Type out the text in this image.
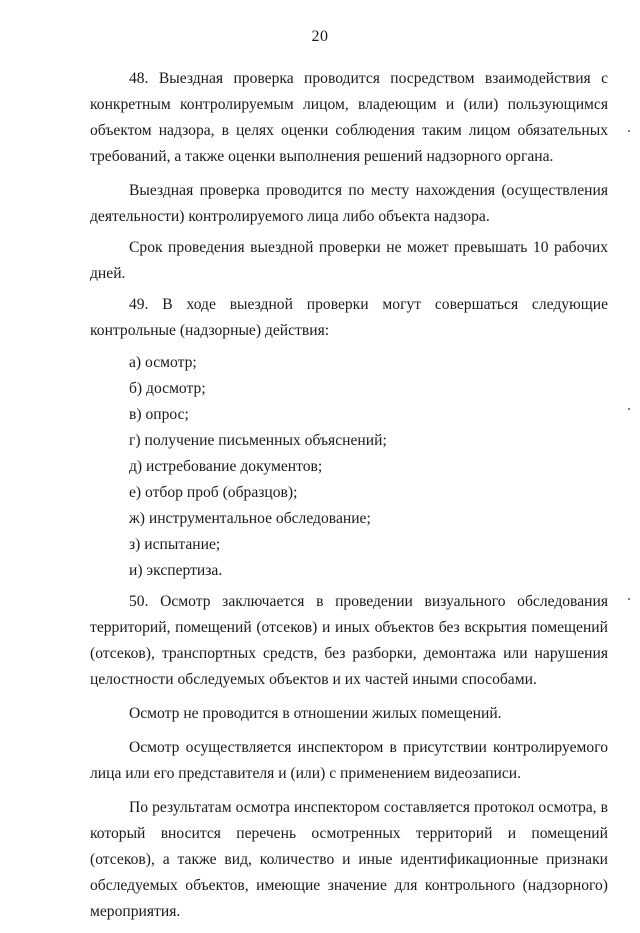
20

48. Выездная проверка проводится посредством взаимодействия с конкретным контролируемым лицом, владеющим и (или) пользующимся объектом надзора, в целях оценки соблюдения таким лицом обязательных требований, а также оценки выполнения решений надзорного органа.

Выездная проверка проводится по месту нахождения (осуществления деятельности) контролируемого лица либо объекта надзора.

Срок проведения выездной проверки не может превышать 10 рабочих дней.

49. В ходе выездной проверки могут совершаться следующие контрольные (надзорные) действия:

а) осмотр;
б) досмотр;
в) опрос;
г) получение письменных объяснений;
д) истребование документов;
е) отбор проб (образцов);
ж) инструментальное обследование;
з) испытание;
и) экспертиза.

50. Осмотр заключается в проведении визуального обследования территорий, помещений (отсеков) и иных объектов без вскрытия помещений (отсеков), транспортных средств, без разборки, демонтажа или нарушения целостности обследуемых объектов и их частей иными способами.

Осмотр не проводится в отношении жилых помещений.

Осмотр осуществляется инспектором в присутствии контролируемого лица или его представителя и (или) с применением видеозаписи.

По результатам осмотра инспектором составляется протокол осмотра, в который вносится перечень осмотренных территорий и помещений (отсеков), а также вид, количество и иные идентификационные признаки обследуемых объектов, имеющие значение для контрольного (надзорного) мероприятия.
